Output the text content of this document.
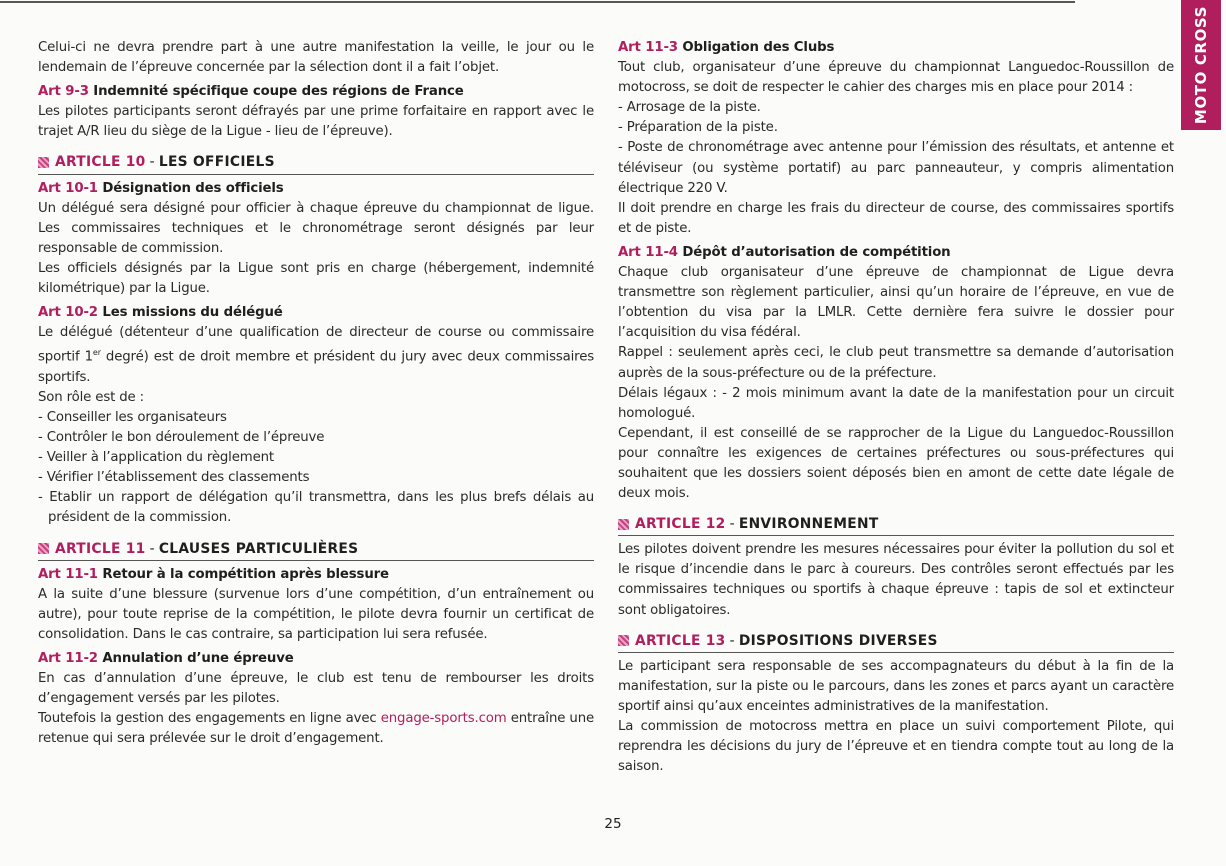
MOTO CROSS

Celui-ci ne devra prendre part à une autre manifestation la veille, le jour ou le lendemain de l’épreuve concernée par la sélection dont il a fait l’objet.

Art 9-3 Indemnité spécifique coupe des régions de France

Les pilotes participants seront défrayés par une prime forfaitaire en rapport avec le trajet A/R lieu du siège de la Ligue - lieu de l’épreuve).

ARTICLE 10 - LES OFFICIELS
Art 10-1 Désignation des officiels

Un délégué sera désigné pour officier à chaque épreuve du championnat de ligue. Les commissaires techniques et le chronométrage seront désignés par leur responsable de commission.

Les officiels désignés par la Ligue sont pris en charge (hébergement, indemnité kilométrique) par la Ligue.

Art 10-2 Les missions du délégué

Le délégué (détenteur d’une qualification de directeur de course ou commissaire sportif 1er degré) est de droit membre et président du jury avec deux commissaires sportifs.

Son rôle est de :

- Conseiller les organisateurs

- Contrôler le bon déroulement de l’épreuve

- Veiller à l’application du règlement

- Vérifier l’établissement des classements

- Etablir un rapport de délégation qu’il transmettra, dans les plus brefs délais au président de la commission.

ARTICLE 11 - CLAUSES PARTICULIÈRES
Art 11-1 Retour à la compétition après blessure

A la suite d’une blessure (survenue lors d’une compétition, d’un entraînement ou autre), pour toute reprise de la compétition, le pilote devra fournir un certificat de consolidation. Dans le cas contraire, sa participation lui sera refusée.

Art 11-2 Annulation d’une épreuve

En cas d’annulation d’une épreuve, le club est tenu de rembourser les droits d’engagement versés par les pilotes.

Toutefois la gestion des engagements en ligne avec engage-sports.com entraîne une retenue qui sera prélevée sur le droit d’engagement.

Art 11-3 Obligation des Clubs

Tout club, organisateur d’une épreuve du championnat Languedoc-Roussillon de motocross, se doit de respecter le cahier des charges mis en place pour 2014 :

- Arrosage de la piste.

- Préparation de la piste.

- Poste de chronométrage avec antenne pour l’émission des résultats, et antenne et téléviseur (ou système portatif) au parc panneauteur, y compris alimentation électrique 220 V.

Il doit prendre en charge les frais du directeur de course, des commissaires sportifs et de piste.

Art 11-4 Dépôt d’autorisation de compétition

Chaque club organisateur d’une épreuve de championnat de Ligue devra transmettre son règlement particulier, ainsi qu’un horaire de l’épreuve, en vue de l’obtention du visa par la LMLR. Cette dernière fera suivre le dossier pour l’acquisition du visa fédéral.

Rappel : seulement après ceci, le club peut transmettre sa demande d’autorisation auprès de la sous-préfecture ou de la préfecture.

Délais légaux : - 2 mois minimum avant la date de la manifestation pour un circuit homologué.

Cependant, il est conseillé de se rapprocher de la Ligue du Languedoc-Roussillon pour connaître les exigences de certaines préfectures ou sous-préfectures qui souhaitent que les dossiers soient déposés bien en amont de cette date légale de deux mois.

ARTICLE 12 - ENVIRONNEMENT

Les pilotes doivent prendre les mesures nécessaires pour éviter la pollution du sol et le risque d’incendie dans le parc à coureurs. Des contrôles seront effectués par les commissaires techniques ou sportifs à chaque épreuve : tapis de sol et extincteur sont obligatoires.

ARTICLE 13 - DISPOSITIONS DIVERSES

Le participant sera responsable de ses accompagnateurs du début à la fin de la manifestation, sur la piste ou le parcours, dans les zones et parcs ayant un caractère sportif ainsi qu’aux enceintes administratives de la manifestation.

La commission de motocross mettra en place un suivi comportement Pilote, qui reprendra les décisions du jury de l’épreuve et en tiendra compte tout au long de la saison.

25
